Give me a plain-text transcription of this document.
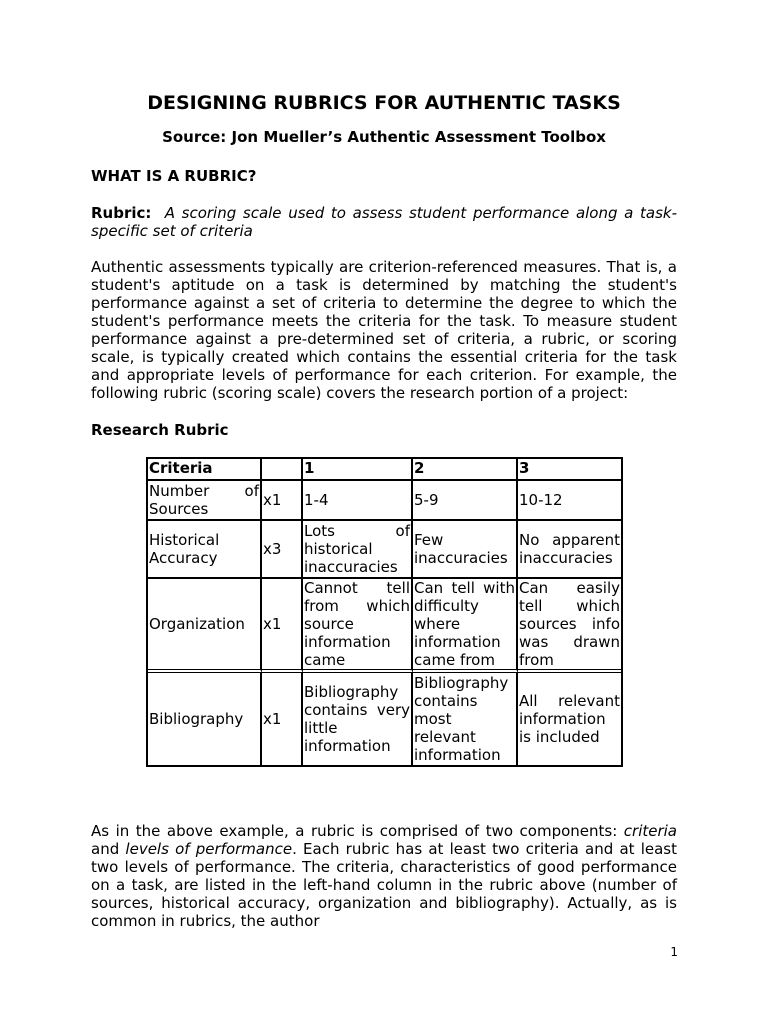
DESIGNING RUBRICS FOR AUTHENTIC TASKS
Source: Jon Mueller’s Authentic Assessment Toolbox
WHAT IS A RUBRIC?

Rubric: A scoring scale used to assess student performance along a task-specific set of criteria

Authentic assessments typically are criterion-referenced measures. That is, a student's aptitude on a task is determined by matching the student's performance against a set of criteria to determine the degree to which the student's performance meets the criteria for the task. To measure student performance against a pre-determined set of criteria, a rubric, or scoring scale, is typically created which contains the essential criteria for the task and appropriate levels of performance for each criterion. For example, the following rubric (scoring scale) covers the research portion of a project:

Research Rubric
Criteria		1	2	3
Number of Sources	x1	1-4	5-9	10-12
Historical Accuracy	x3	Lots of historical inaccuracies	Few inaccuracies	No apparent inaccuracies
Organization	x1	Cannot tell from which source information came	Can tell with difficulty where information came from	Can easily tell which sources info was drawn from
Bibliography	x1	Bibliography contains very little information	Bibliography contains most relevant information	All relevant information is included

As in the above example, a rubric is comprised of two components: criteria and levels of performance. Each rubric has at least two criteria and at least two levels of performance. The criteria, characteristics of good performance on a task, are listed in the left-hand column in the rubric above (number of sources, historical accuracy, organization and bibliography). Actually, as is common in rubrics, the author

1
